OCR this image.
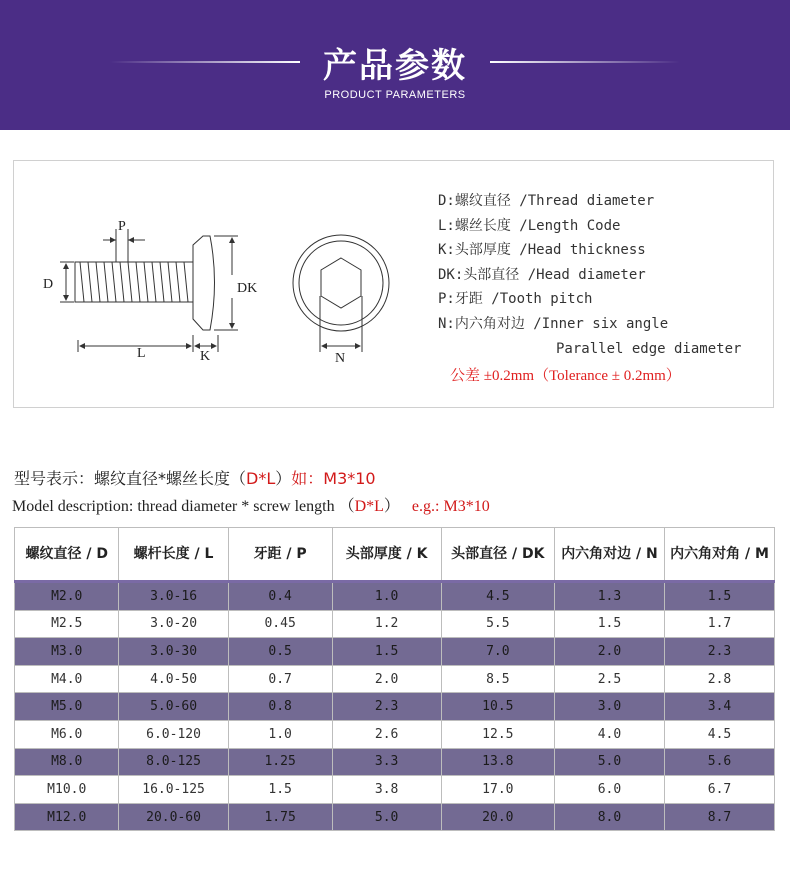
产品参数
PRODUCT PARAMETERS
P
D	DK
L	K	N
D:螺纹直径 /Thread diameter
L:螺丝长度 /Length Code
K:头部厚度 /Head thickness
DK:头部直径 /Head diameter
P:牙距 /Tooth pitch
N:内六角对边 /Inner six angle
Parallel edge diameter
公差 ±0.2mm（Tolerance ± 0.2mm）
型号表示：螺纹直径*螺丝长度（D*L）如：M3*10
Model description: thread diameter * screw length （D*L） e.g.: M3*10
螺纹直径 / D	螺杆长度 / L	牙距 / P	头部厚度 / K	头部直径 / DK	内六角对边 / N	内六角对角 / M
M2.0	3.0-16	0.4	1.0	4.5	1.3	1.5
M2.5	3.0-20	0.45	1.2	5.5	1.5	1.7
M3.0	3.0-30	0.5	1.5	7.0	2.0	2.3
M4.0	4.0-50	0.7	2.0	8.5	2.5	2.8
M5.0	5.0-60	0.8	2.3	10.5	3.0	3.4
M6.0	6.0-120	1.0	2.6	12.5	4.0	4.5
M8.0	8.0-125	1.25	3.3	13.8	5.0	5.6
M10.0	16.0-125	1.5	3.8	17.0	6.0	6.7
M12.0	20.0-60	1.75	5.0	20.0	8.0	8.7
